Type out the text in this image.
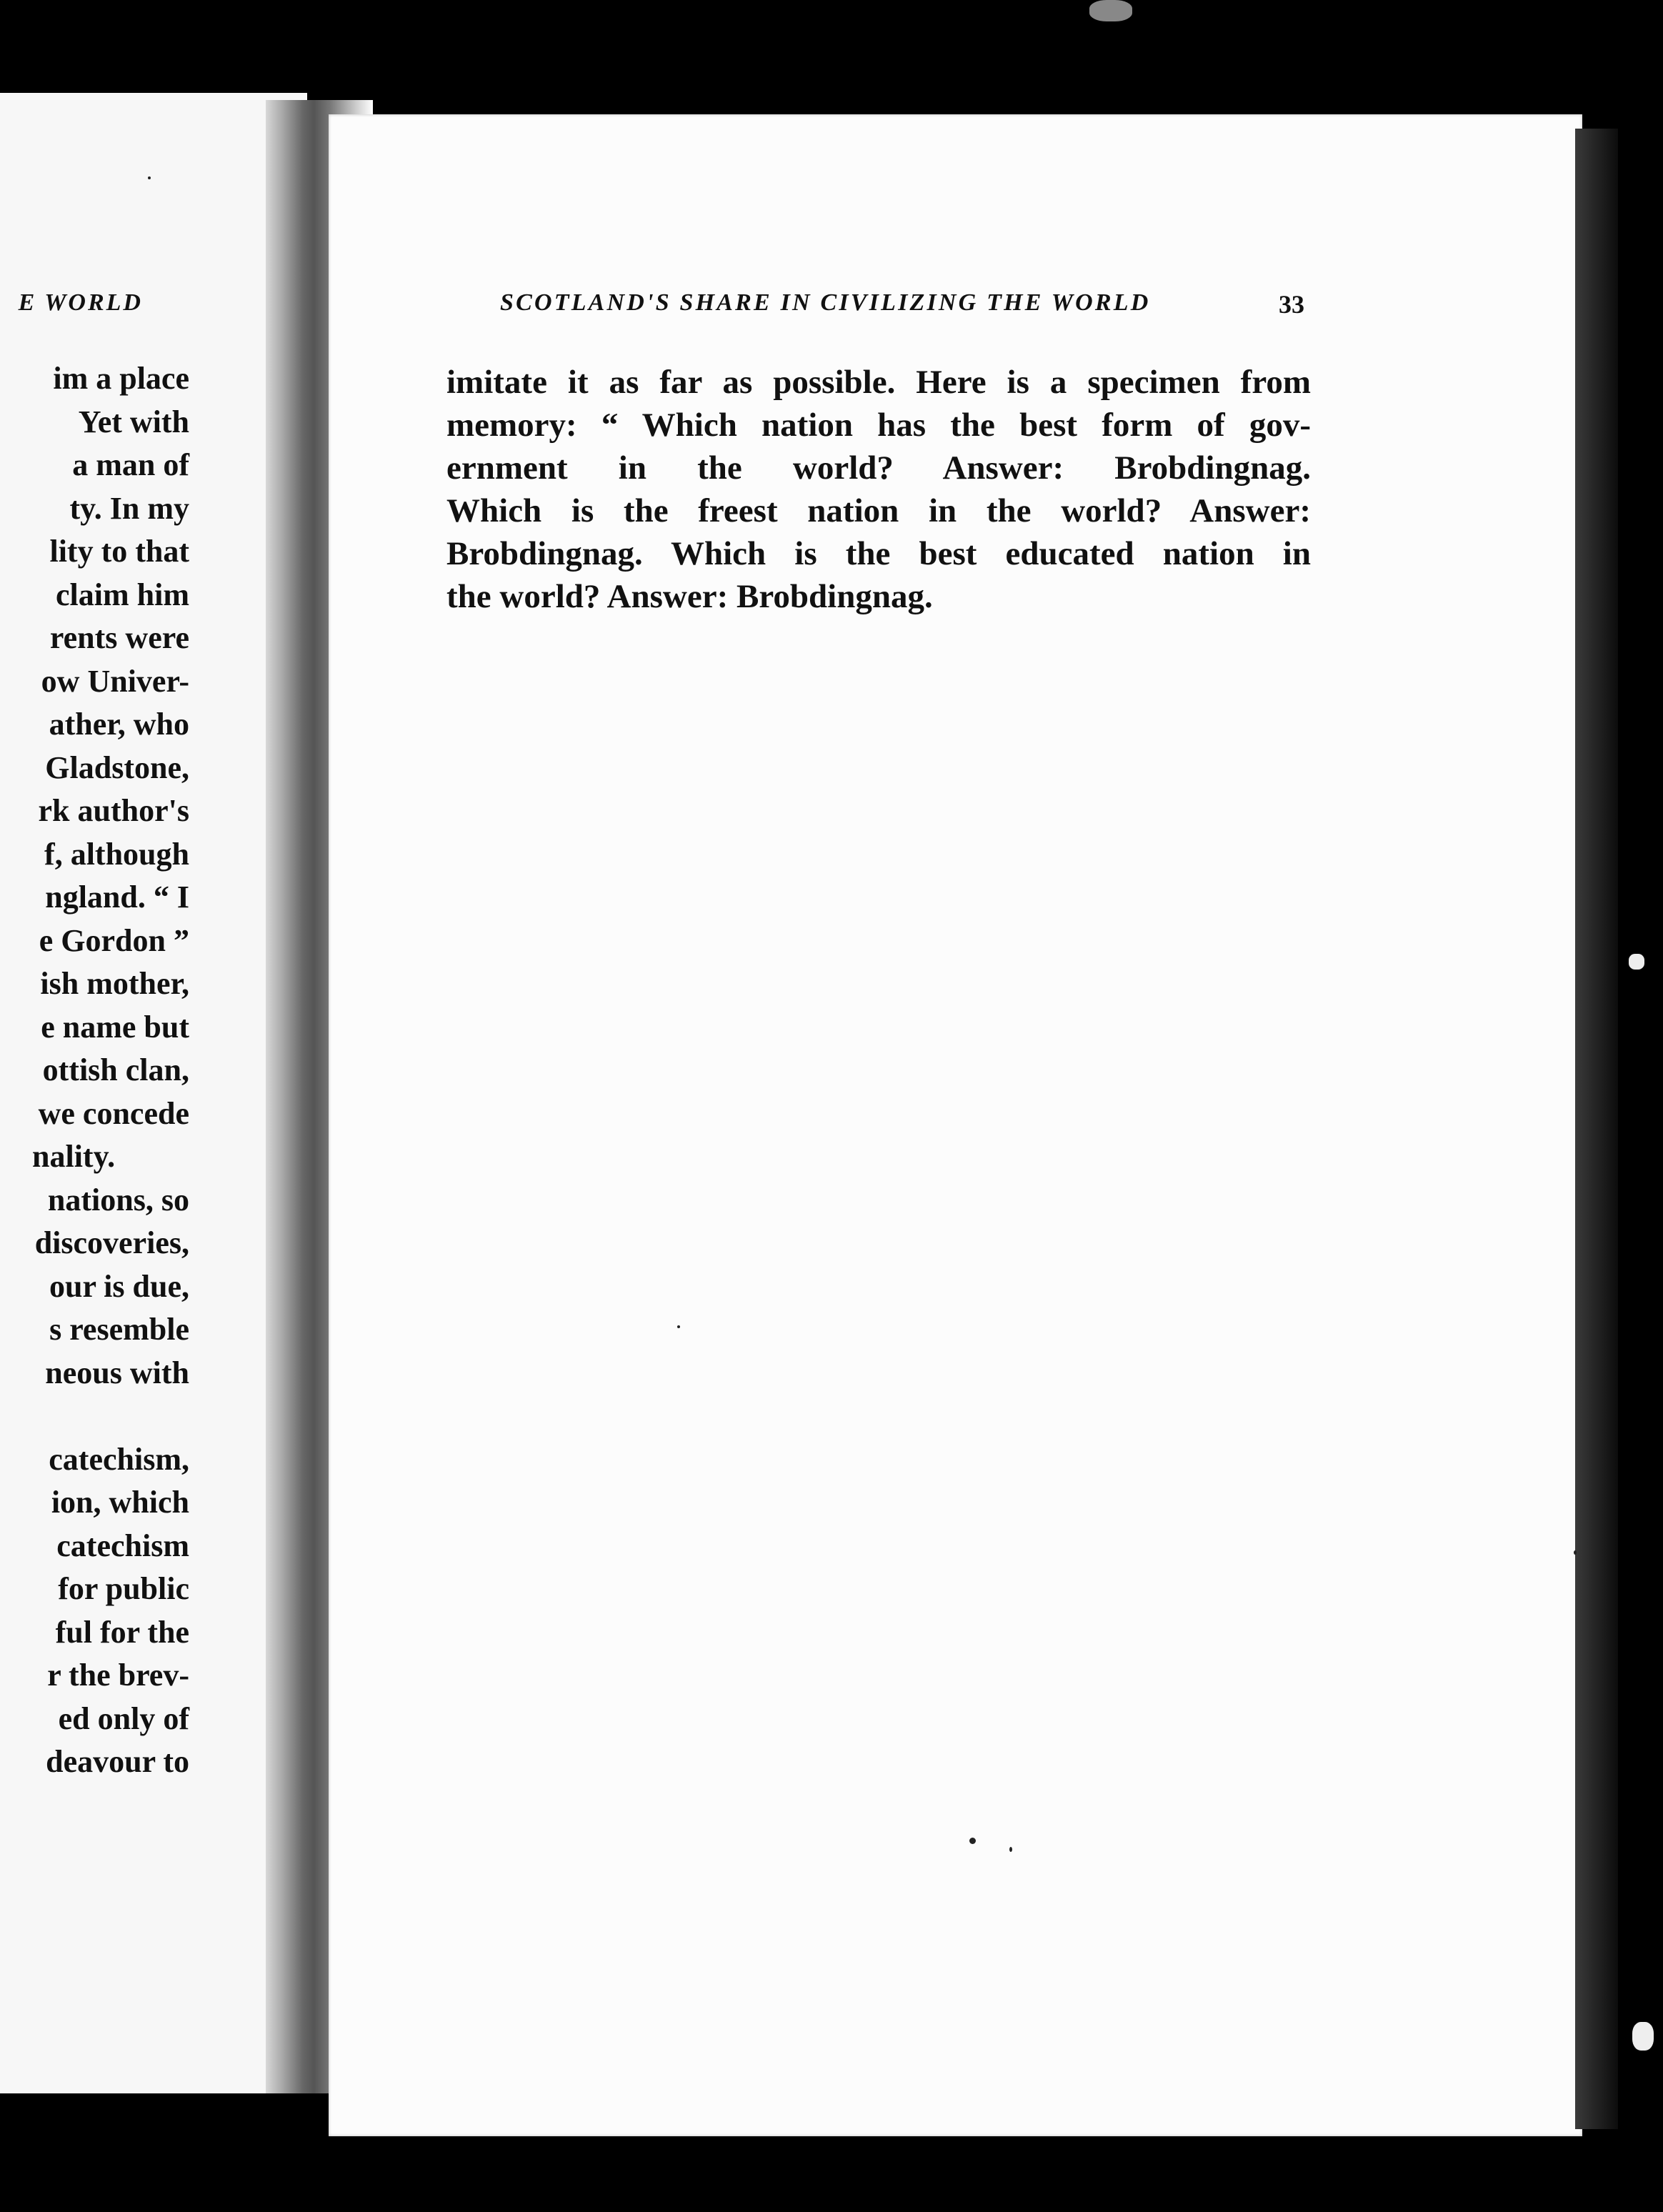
E WORLD
im a place
Yet with
a man of
ty. In my
lity to that
claim him
rents were
ow Univer-
ather, who
Gladstone,
rk author's
f, although
ngland. “ I
e Gordon ”
ish mother,
e name but
ottish clan,
we concede
nality.
nations, so
discoveries,
our is due,
s resemble
neous with

catechism,
ion, which
catechism
for public
ful for the
r the brev-
ed only of
deavour to
SCOTLAND'S SHARE IN CIVILIZING THE WORLD	33
imitate it as far as possible. Here is a specimen from
memory: “ Which nation has the best form of gov-
ernment in the world? Answer: Brobdingnag.
Which is the freest nation in the world? Answer:
Brobdingnag. Which is the best educated nation in
the world? Answer: Brobdingnag.
